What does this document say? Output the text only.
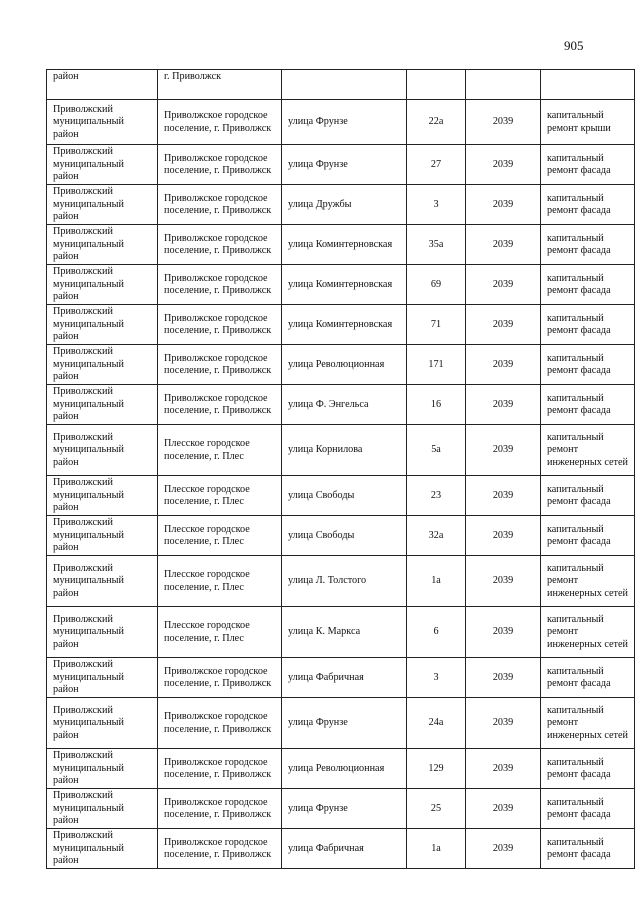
905
район	г. Приволжск				
Приволжский муниципальный район	Приволжское городское поселение, г. Приволжск	улица Фрунзе	22а	2039	капитальный ремонт крыши
Приволжский муниципальный район	Приволжское городское поселение, г. Приволжск	улица Фрунзе	27	2039	капитальный ремонт фасада
Приволжский муниципальный район	Приволжское городское поселение, г. Приволжск	улица Дружбы	3	2039	капитальный ремонт фасада
Приволжский муниципальный район	Приволжское городское поселение, г. Приволжск	улица Коминтерновская	35а	2039	капитальный ремонт фасада
Приволжский муниципальный район	Приволжское городское поселение, г. Приволжск	улица Коминтерновская	69	2039	капитальный ремонт фасада
Приволжский муниципальный район	Приволжское городское поселение, г. Приволжск	улица Коминтерновская	71	2039	капитальный ремонт фасада
Приволжский муниципальный район	Приволжское городское поселение, г. Приволжск	улица Революционная	171	2039	капитальный ремонт фасада
Приволжский муниципальный район	Приволжское городское поселение, г. Приволжск	улица Ф. Энгельса	16	2039	капитальный ремонт фасада
Приволжский муниципальный район	Плесское городское поселение, г. Плес	улица Корнилова	5а	2039	капитальный ремонт инженерных сетей
Приволжский муниципальный район	Плесское городское поселение, г. Плес	улица Свободы	23	2039	капитальный ремонт фасада
Приволжский муниципальный район	Плесское городское поселение, г. Плес	улица Свободы	32а	2039	капитальный ремонт фасада
Приволжский муниципальный район	Плесское городское поселение, г. Плес	улица Л. Толстого	1а	2039	капитальный ремонт инженерных сетей
Приволжский муниципальный район	Плесское городское поселение, г. Плес	улица К. Маркса	6	2039	капитальный ремонт инженерных сетей
Приволжский муниципальный район	Приволжское городское поселение, г. Приволжск	улица Фабричная	3	2039	капитальный ремонт фасада
Приволжский муниципальный район	Приволжское городское поселение, г. Приволжск	улица Фрунзе	24а	2039	капитальный ремонт инженерных сетей
Приволжский муниципальный район	Приволжское городское поселение, г. Приволжск	улица Революционная	129	2039	капитальный ремонт фасада
Приволжский муниципальный район	Приволжское городское поселение, г. Приволжск	улица Фрунзе	25	2039	капитальный ремонт фасада
Приволжский муниципальный район	Приволжское городское поселение, г. Приволжск	улица Фабричная	1а	2039	капитальный ремонт фасада
